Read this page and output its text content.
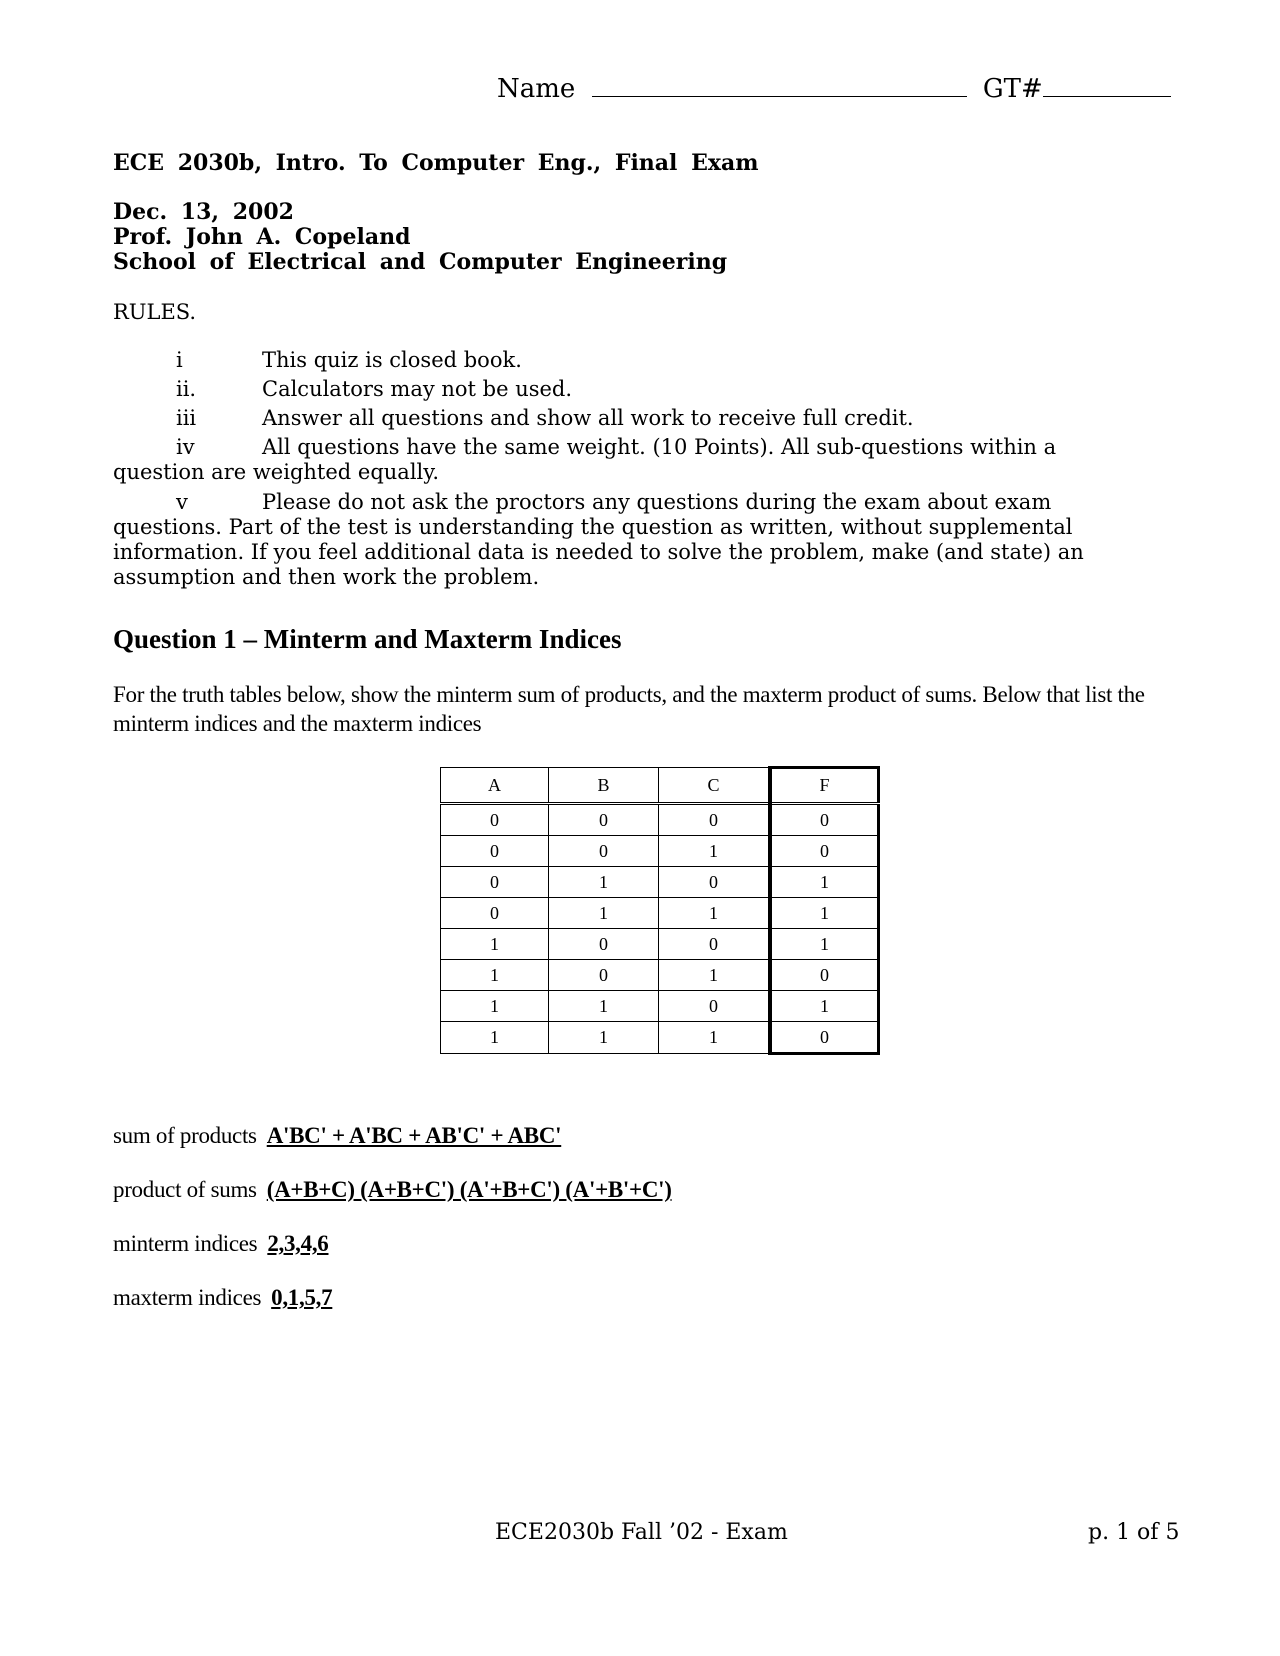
Name	GT#
ECE 2030b, Intro. To Computer Eng., Final Exam
Dec. 13, 2002
Prof. John A. Copeland
School of Electrical and Computer Engineering
RULES.
i	This quiz is closed book.
ii.	Calculators may not be used.
iii	Answer all questions and show all work to receive full credit.
iv	All questions have the same weight. (10 Points). All sub-questions within a
question are weighted equally.
v	Please do not ask the proctors any questions during the exam about exam
questions. Part of the test is understanding the question as written, without supplemental information. If you feel additional data is needed to solve the problem, make (and state) an assumption and then work the problem.
Question 1 – Minterm and Maxterm Indices
For the truth tables below, show the minterm sum of products, and the maxterm product of sums. Below that list the minterm indices and the maxterm indices
A	B	C	F
0	0	0	0
0	0	1	0
0	1	0	1
0	1	1	1
1	0	0	1
1	0	1	0
1	1	0	1
1	1	1	0
sum of products A'BC' + A'BC + AB'C' + ABC'
product of sums (A+B+C) (A+B+C') (A'+B+C') (A'+B'+C')
minterm indices 2,3,4,6
maxterm indices 0,1,5,7
ECE2030b Fall ’02 - Exam	p. 1 of 5
